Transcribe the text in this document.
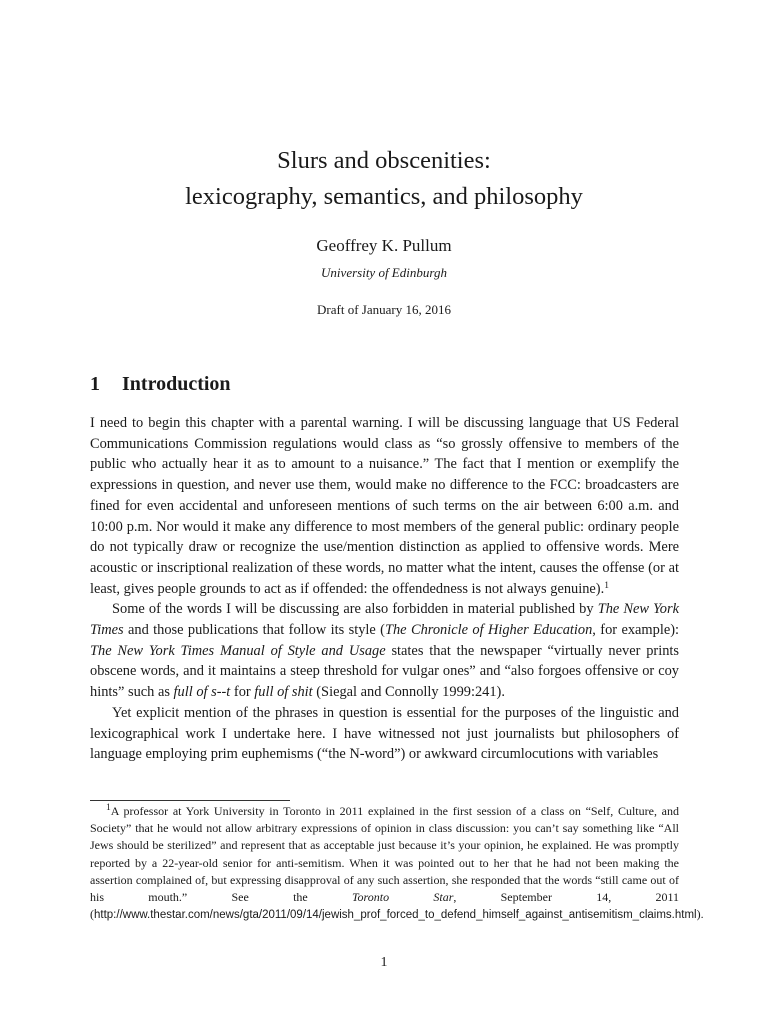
Slurs and obscenities:
lexicography, semantics, and philosophy
Geoffrey K. Pullum
University of Edinburgh
Draft of January 16, 2016
1 Introduction

I need to begin this chapter with a parental warning. I will be discussing language that US Federal Communications Commission regulations would class as “so grossly offensive to members of the public who actually hear it as to amount to a nuisance.” The fact that I mention or exemplify the expressions in question, and never use them, would make no difference to the FCC: broadcasters are fined for even accidental and unforeseen mentions of such terms on the air between 6:00 a.m. and 10:00 p.m. Nor would it make any difference to most members of the general public: ordinary people do not typically draw or recognize the use/mention distinction as applied to offensive words. Mere acoustic or inscriptional realization of these words, no matter what the intent, causes the offense (or at least, gives people grounds to act as if offended: the offendedness is not always genuine).$^1$

Some of the words I will be discussing are also forbidden in material published by The New York Times and those publications that follow its style (The Chronicle of Higher Education, for example): The New York Times Manual of Style and Usage states that the newspaper “virtually never prints obscene words, and it maintains a steep threshold for vulgar ones” and “also forgoes offensive or coy hints” such as full of s--t for full of shit (Siegal and Connolly 1999:241).

Yet explicit mention of the phrases in question is essential for the purposes of the linguistic and lexicographical work I undertake here. I have witnessed not just journalists but philosophers of language employing prim euphemisms (“the N-word”) or awkward circumlocutions with variables

$^1$A professor at York University in Toronto in 2011 explained in the first session of a class on “Self, Culture, and Society” that he would not allow arbitrary expressions of opinion in class discussion: you can’t say something like “All Jews should be sterilized” and represent that as acceptable just because it’s your opinion, he explained. He was promptly reported by a 22-year-old senior for anti-semitism. When it was pointed out to her that he had not been making the assertion complained of, but expressing disapproval of any such assertion, she responded that the words “still came out of his mouth.” See the Toronto Star, September 14, 2011 (http://www.thestar.com/news/gta/2011/09/14/jewish_prof_forced_to_defend_himself_against_antisemitism_claims.html).

1
